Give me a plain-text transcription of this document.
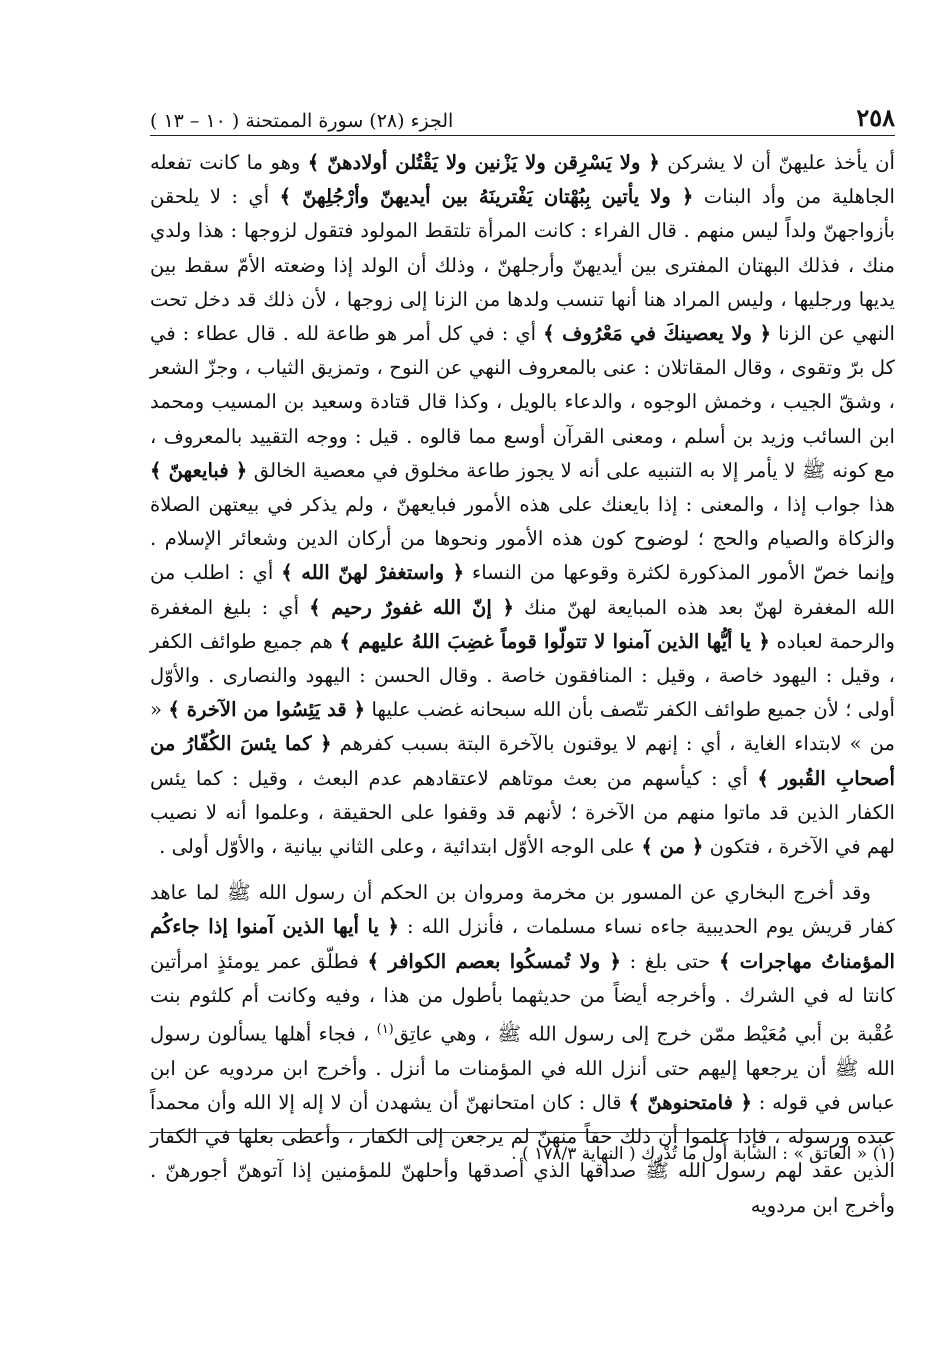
٢٥٨
الجزء (٢٨) سورة الممتحنة ( ١٠ – ١٣ )

أن يأخذ عليهنّ أن لا يشركن ﴿ ولا يَسْرِقن ولا يَزْنين ولا يَقْتُلن أولادهنّ ﴾ وهو ما كانت تفعله الجاهلية من وأد البنات ﴿ ولا يأتين بِبُهْتان يَفْترينَهُ بين أيديهنّ وأرْجُلِهنّ ﴾ أي : لا يلحقن بأزواجهنّ ولداً ليس منهم . قال الفراء : كانت المرأة تلتقط المولود فتقول لزوجها : هذا ولدي منك ، فذلك البهتان المفترى بين أيديهنّ وأرجلهنّ ، وذلك أن الولد إذا وضعته الأمّ سقط بين يديها ورجليها ، وليس المراد هنا أنها تنسب ولدها من الزنا إلى زوجها ، لأن ذلك قد دخل تحت النهي عن الزنا ﴿ ولا يعصينكَ في مَعْرُوف ﴾ أي : في كل أمر هو طاعة لله . قال عطاء : في كل برّ وتقوى ، وقال المقاتلان : عنى بالمعروف النهي عن النوح ، وتمزيق الثياب ، وجزّ الشعر ، وشقّ الجيب ، وخمش الوجوه ، والدعاء بالويل ، وكذا قال قتادة وسعيد بن المسيب ومحمد ابن السائب وزيد بن أسلم ، ومعنى القرآن أوسع مما قالوه . قيل : ووجه التقييد بالمعروف ، مع كونه ﷺ لا يأمر إلا به التنبيه على أنه لا يجوز طاعة مخلوق في معصية الخالق ﴿ فبايعهنّ ﴾ هذا جواب إذا ، والمعنى : إذا بايعنك على هذه الأمور فبايعهنّ ، ولم يذكر في بيعتهن الصلاة والزكاة والصيام والحج ؛ لوضوح كون هذه الأمور ونحوها من أركان الدين وشعائر الإسلام . وإنما خصّ الأمور المذكورة لكثرة وقوعها من النساء ﴿ واستغفرْ لهنّ الله ﴾ أي : اطلب من الله المغفرة لهنّ بعد هذه المبايعة لهنّ منك ﴿ إنّ الله غفورٌ رحيم ﴾ أي : بليغ المغفرة والرحمة لعباده ﴿ يا أيُّها الذين آمنوا لا تتولّوا قوماً غضِبَ اللهُ عليهم ﴾ هم جميع طوائف الكفر ، وقيل : اليهود خاصة ، وقيل : المنافقون خاصة . وقال الحسن : اليهود والنصارى . والأوّل أولى ؛ لأن جميع طوائف الكفر تتّصف بأن الله سبحانه غضب عليها ﴿ قد يَئِسُوا من الآخرة ﴾ « من » لابتداء الغاية ، أي : إنهم لا يوقنون بالآخرة البتة بسبب كفرهم ﴿ كما يئسَ الكُفّارُ من أصحابِ القُبور ﴾ أي : كيأسهم من بعث موتاهم لاعتقادهم عدم البعث ، وقيل : كما يئس الكفار الذين قد ماتوا منهم من الآخرة ؛ لأنهم قد وقفوا على الحقيقة ، وعلموا أنه لا نصيب لهم في الآخرة ، فتكون ﴿ من ﴾ على الوجه الأوّل ابتدائية ، وعلى الثاني بيانية ، والأوّل أولى .

وقد أخرج البخاري عن المسور بن مخرمة ومروان بن الحكم أن رسول الله ﷺ لما عاهد كفار قريش يوم الحديبية جاءه نساء مسلمات ، فأنزل الله : ﴿ يا أيها الذين آمنوا إذا جاءكُم المؤمناتُ مهاجرات ﴾ حتى بلغ : ﴿ ولا تُمسكُوا بعصم الكوافر ﴾ فطلّق عمر يومئذٍ امرأتين كانتا له في الشرك . وأخرجه أيضاً من حديثهما بأطول من هذا ، وفيه وكانت أم كلثوم بنت عُقْبة بن أبي مُعَيْط ممّن خرج إلى رسول الله ﷺ ، وهي عاتِق$^{(١)}$ ، فجاء أهلها يسألون رسول الله ﷺ أن يرجعها إليهم حتى أنزل الله في المؤمنات ما أنزل . وأخرج ابن مردويه عن ابن عباس في قوله : ﴿ فامتحنوهنّ ﴾ قال : كان امتحانهنّ أن يشهدن أن لا إله إلا الله وأن محمداً عبده ورسوله ، فإذا علموا أن ذلك حقاً منهنّ لم يرجعن إلى الكفار ، وأعطى بعلها في الكفار الذين عقد لهم رسول الله ﷺ صداقها الذي أصدقها وأحلهنّ للمؤمنين إذا آتوهنّ أجورهنّ . وأخرج ابن مردويه

(١) « العاتق » : الشابة أول ما تُدْرِك ( النهاية ١٧٨/٣ ) .
